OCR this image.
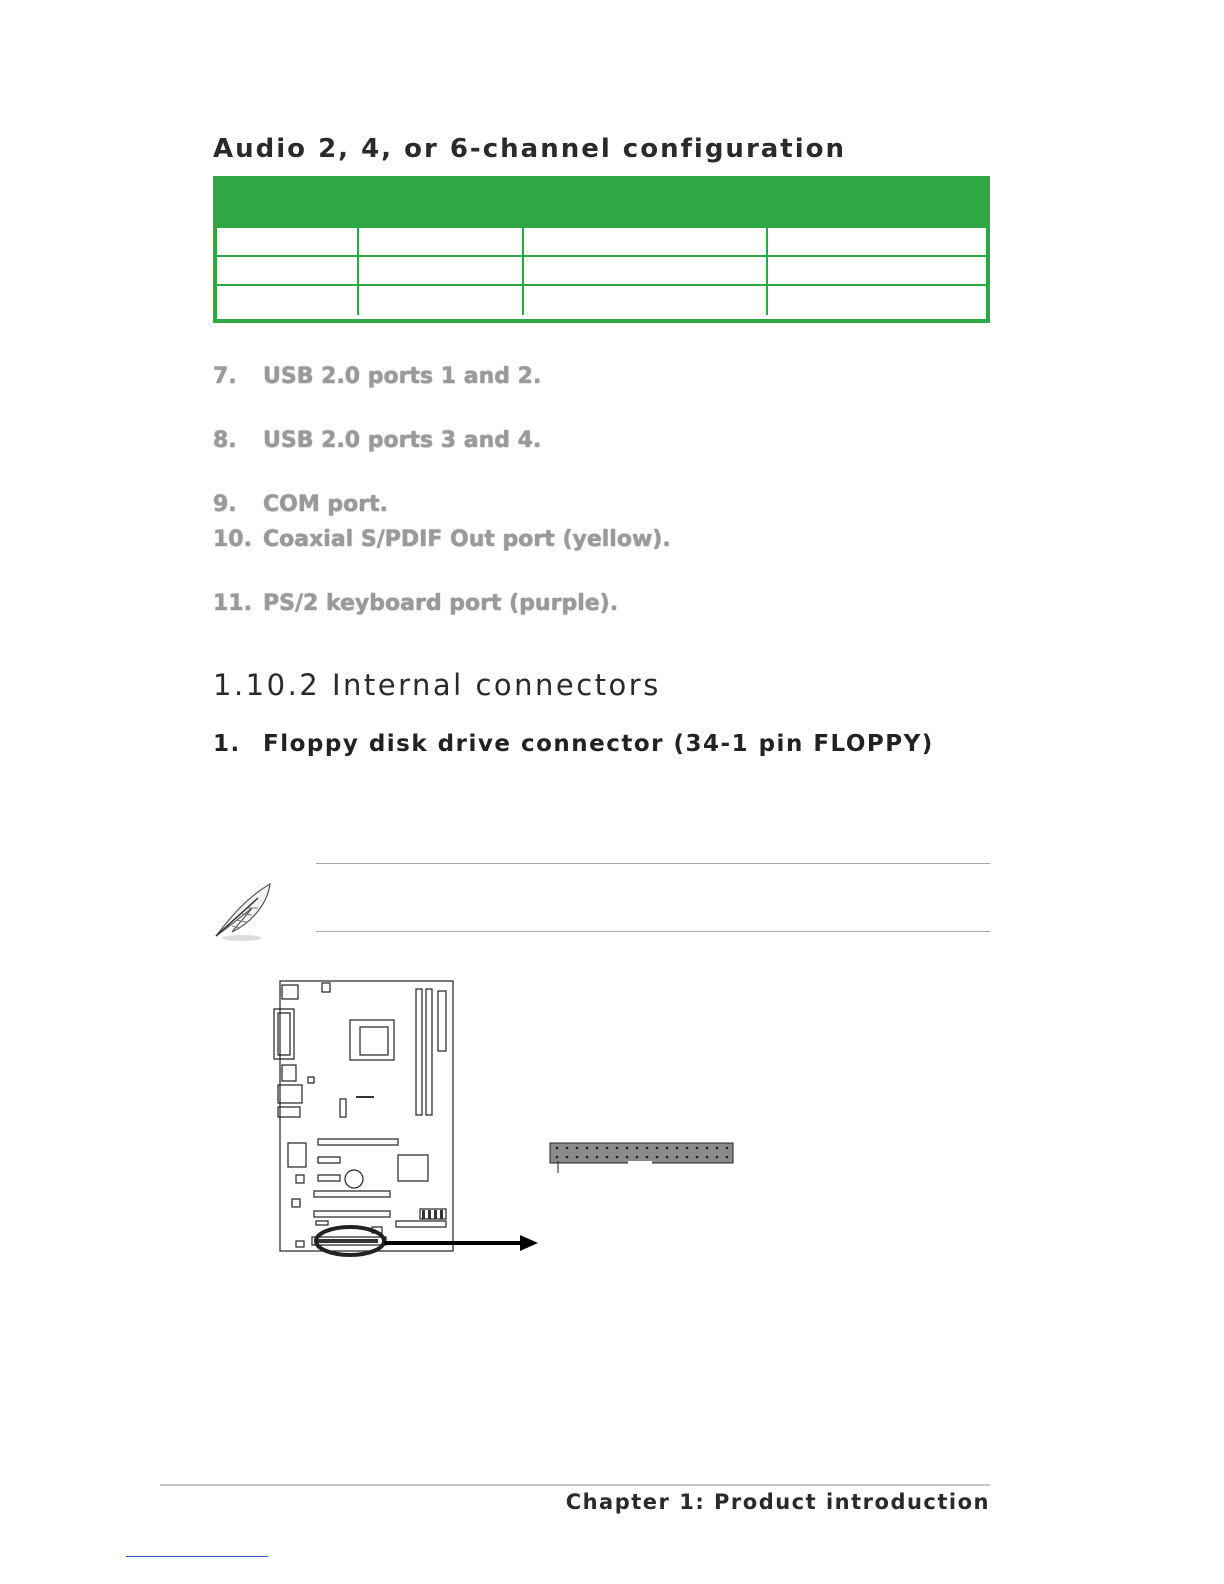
Audio 2, 4, or 6-channel configuration
7. USB 2.0 ports 1 and 2.
8. USB 2.0 ports 3 and 4.
9. COM port.
10. Coaxial S/PDIF Out port (yellow).
11. PS/2 keyboard port (purple).
1.10.2 Internal connectors
1. Floppy disk drive connector (34-1 pin FLOPPY)
Chapter 1: Product introduction
